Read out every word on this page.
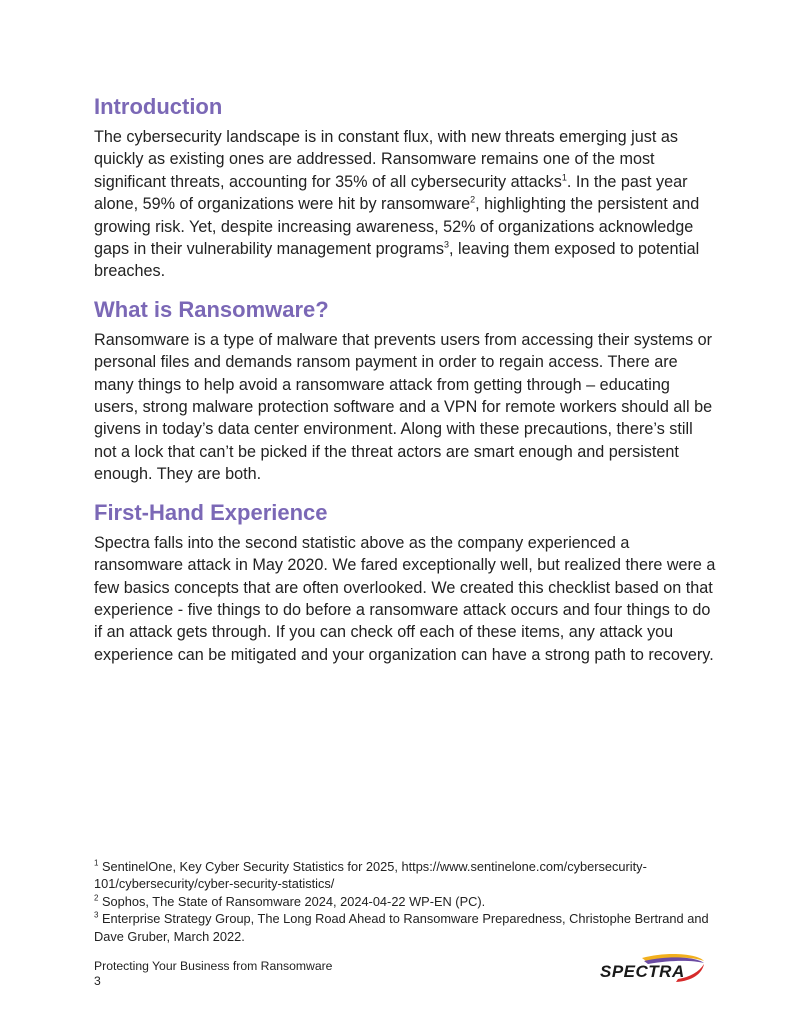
Introduction

The cybersecurity landscape is in constant flux, with new threats emerging just as quickly as existing ones are addressed. Ransomware remains one of the most significant threats, accounting for 35% of all cybersecurity attacks$^1$. In the past year alone, 59% of organizations were hit by ransomware$^2$, highlighting the persistent and growing risk. Yet, despite increasing awareness, 52% of organizations acknowledge gaps in their vulnerability management programs$^3$, leaving them exposed to potential breaches.

What is Ransomware?

Ransomware is a type of malware that prevents users from accessing their systems or personal files and demands ransom payment in order to regain access. There are many things to help avoid a ransomware attack from getting through – educating users, strong malware protection software and a VPN for remote workers should all be givens in today’s data center environment. Along with these precautions, there’s still not a lock that can’t be picked if the threat actors are smart enough and persistent enough. They are both.

First-Hand Experience

Spectra falls into the second statistic above as the company experienced a ransomware attack in May 2020. We fared exceptionally well, but realized there were a few basics concepts that are often overlooked. We created this checklist based on that experience - five things to do before a ransomware attack occurs and four things to do if an attack gets through. If you can check off each of these items, any attack you experience can be mitigated and your organization can have a strong path to recovery.

$^1$ SentinelOne, Key Cyber Security Statistics for 2025, https://www.sentinelone.com/cybersecurity-101/cybersecurity/cyber-security-statistics/
$^2$ Sophos, The State of Ransomware 2024, 2024-04-22 WP-EN (PC).
$^3$ Enterprise Strategy Group, The Long Road Ahead to Ransomware Preparedness, Christophe Bertrand and Dave Gruber, March 2022.
Protecting Your Business from Ransomware
3	SPECTRA
